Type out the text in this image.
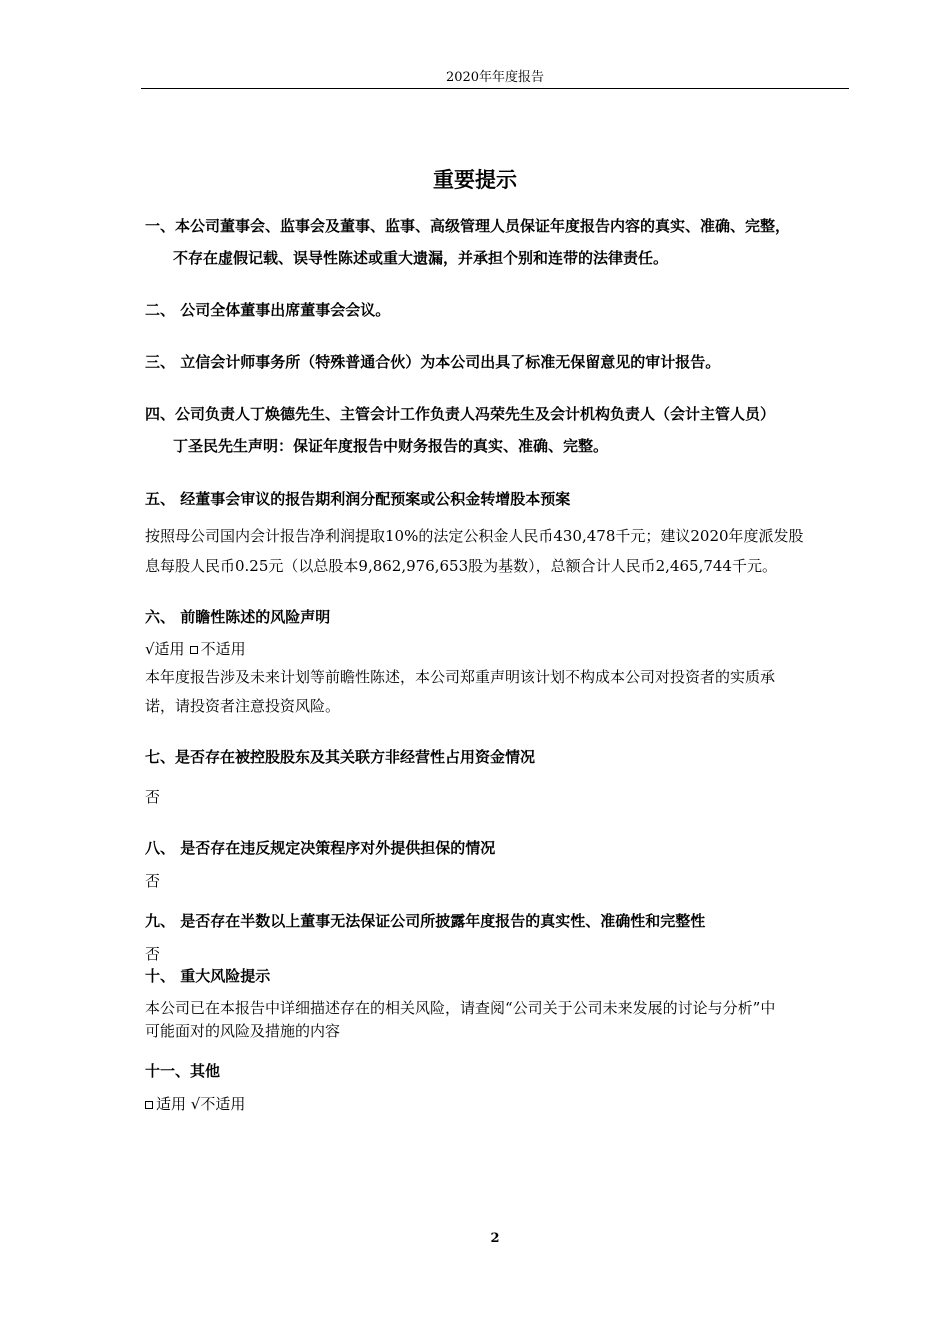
2020年年度报告
重要提示
一、本公司董事会、监事会及董事、监事、高级管理人员保证年度报告内容的真实、准确、完整，
不存在虚假记载、误导性陈述或重大遗漏，并承担个别和连带的法律责任。
二、 公司全体董事出席董事会会议。
三、 立信会计师事务所（特殊普通合伙）为本公司出具了标准无保留意见的审计报告。
四、公司负责人丁焕德先生、主管会计工作负责人冯荣先生及会计机构负责人（会计主管人员）
丁圣民先生声明：保证年度报告中财务报告的真实、准确、完整。
五、 经董事会审议的报告期利润分配预案或公积金转增股本预案
按照母公司国内会计报告净利润提取10%的法定公积金人民币430,478千元；建议2020年度派发股
息每股人民币0.25元（以总股本9,862,976,653股为基数），总额合计人民币2,465,744千元。
六、 前瞻性陈述的风险声明
√适用 不适用
本年度报告涉及未来计划等前瞻性陈述，本公司郑重声明该计划不构成本公司对投资者的实质承
诺，请投资者注意投资风险。
七、是否存在被控股股东及其关联方非经营性占用资金情况
否
八、 是否存在违反规定决策程序对外提供担保的情况
否
九、 是否存在半数以上董事无法保证公司所披露年度报告的真实性、准确性和完整性
否
十、 重大风险提示
本公司已在本报告中详细描述存在的相关风险，请查阅“公司关于公司未来发展的讨论与分析”中
可能面对的风险及措施的内容
十一、其他
适用 √不适用
2
